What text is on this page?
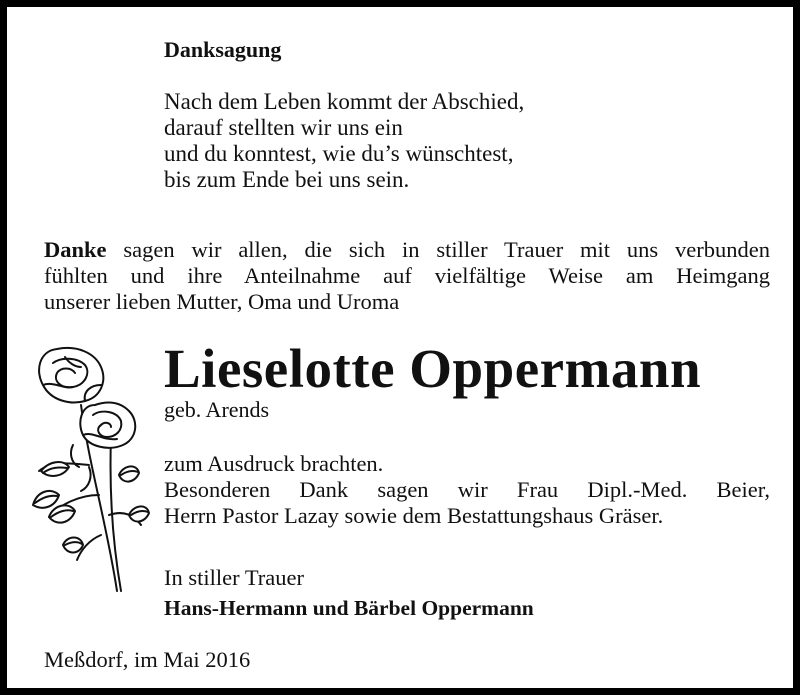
Danksagung
Nach dem Leben kommt der Abschied,
darauf stellten wir uns ein
und du konntest, wie du’s wünschtest,
bis zum Ende bei uns sein.
Danke sagen wir allen, die sich in stiller Trauer mit uns verbunden
fühlten und ihre Anteilnahme auf vielfältige Weise am Heimgang
unserer lieben Mutter, Oma und Uroma
Lieselotte Oppermann
geb. Arends
zum Ausdruck brachten.
Besonderen Dank sagen wir Frau Dipl.-Med. Beier,
Herrn Pastor Lazay sowie dem Bestattungshaus Gräser.
In stiller Trauer
Hans-Hermann und Bärbel Oppermann
Meßdorf, im Mai 2016
